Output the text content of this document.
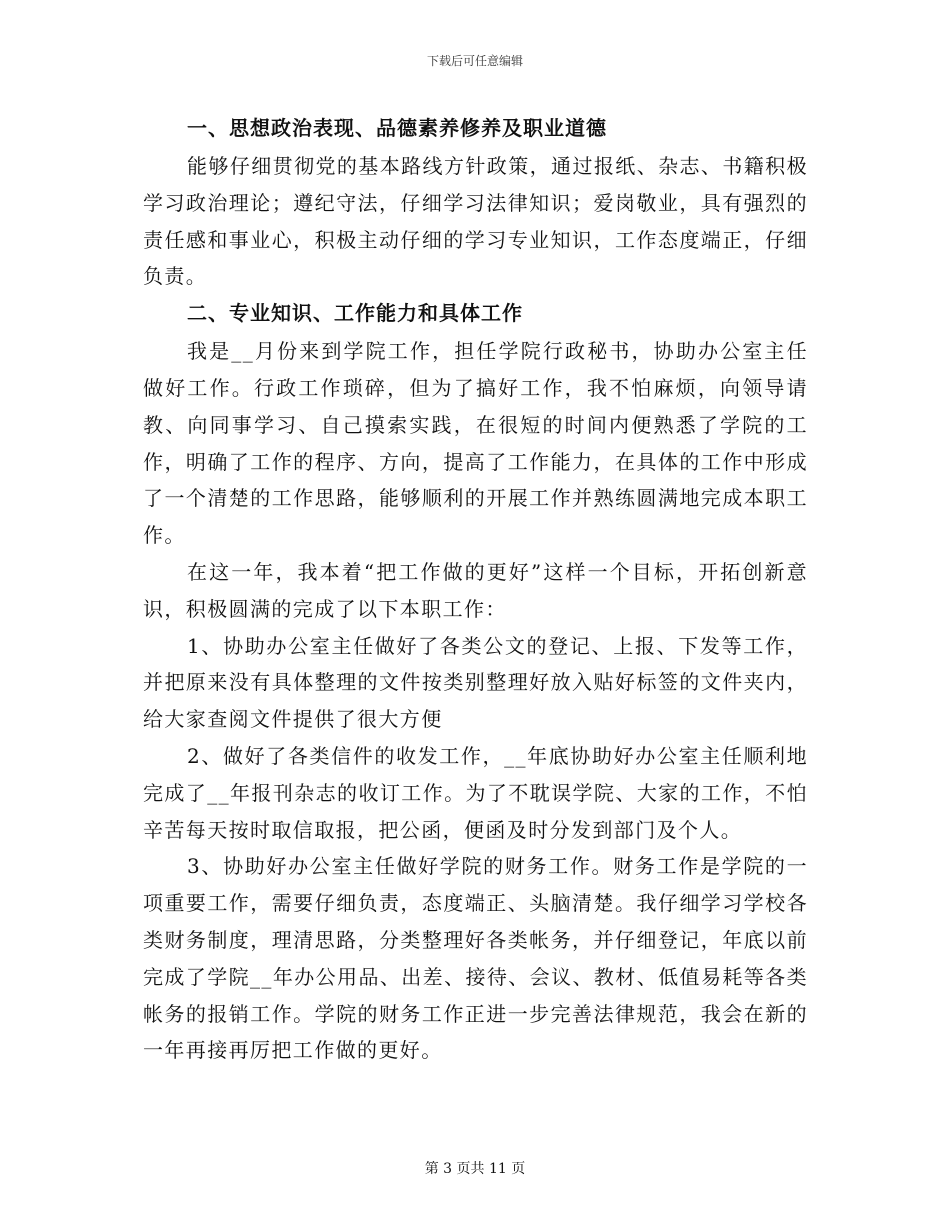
下载后可任意编辑
一、思想政治表现、品德素养修养及职业道德

能够仔细贯彻党的基本路线方针政策，通过报纸、杂志、书籍积极学习政治理论；遵纪守法，仔细学习法律知识；爱岗敬业，具有强烈的责任感和事业心，积极主动仔细的学习专业知识，工作态度端正，仔细负责。

二、专业知识、工作能力和具体工作

我是__月份来到学院工作，担任学院行政秘书，协助办公室主任做好工作。行政工作琐碎，但为了搞好工作，我不怕麻烦，向领导请教、向同事学习、自己摸索实践，在很短的时间内便熟悉了学院的工作，明确了工作的程序、方向，提高了工作能力，在具体的工作中形成了一个清楚的工作思路，能够顺利的开展工作并熟练圆满地完成本职工作。

在这一年，我本着“把工作做的更好”这样一个目标，开拓创新意识，积极圆满的完成了以下本职工作：

1、协助办公室主任做好了各类公文的登记、上报、下发等工作，并把原来没有具体整理的文件按类别整理好放入贴好标签的文件夹内，给大家查阅文件提供了很大方便

2、做好了各类信件的收发工作，__年底协助好办公室主任顺利地完成了__年报刊杂志的收订工作。为了不耽误学院、大家的工作，不怕辛苦每天按时取信取报，把公函，便函及时分发到部门及个人。

3、协助好办公室主任做好学院的财务工作。财务工作是学院的一项重要工作，需要仔细负责，态度端正、头脑清楚。我仔细学习学校各类财务制度，理清思路，分类整理好各类帐务，并仔细登记，年底以前完成了学院__年办公用品、出差、接待、会议、教材、低值易耗等各类帐务的报销工作。学院的财务工作正进一步完善法律规范，我会在新的一年再接再厉把工作做的更好。

第 3 页共 11 页
